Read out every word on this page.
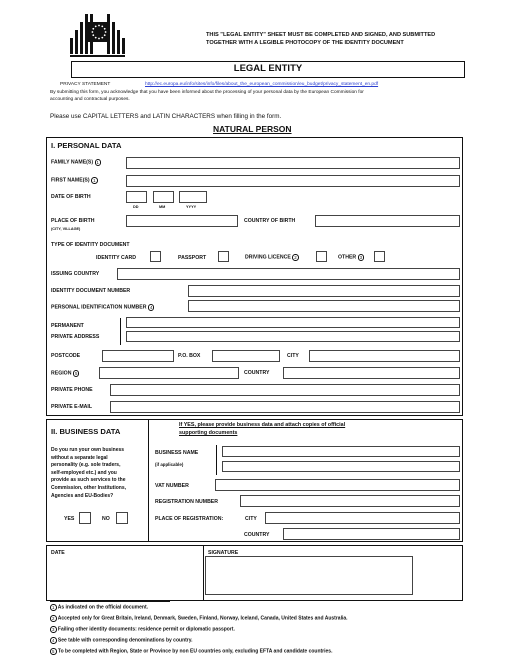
THIS "LEGAL ENTITY" SHEET MUST BE COMPLETED AND SIGNED, AND SUBMITTED
TOGETHER WITH A LEGIBLE PHOTOCOPY OF THE IDENTITY DOCUMENT
LEGAL ENTITY
PRIVACY STATEMENT	http://ec.europa.eu/info/sites/info/files/about_the_european_commission/eu_budget/privacy_statement_en.pdf
By submitting this form, you acknowledge that you have been informed about the processing of your personal data by the European Commission for
accounting and contractual purposes.
Please use CAPITAL LETTERS and LATIN CHARACTERS when filling in the form.
NATURAL PERSON
I. PERSONAL DATA
FAMILY NAME(S) 1
FIRST NAME(S) 1
DATE OF BIRTH
DD	MM	YYYY
PLACE OF BIRTH
(CITY, VILLAGE)
COUNTRY OF BIRTH
TYPE OF IDENTITY DOCUMENT
IDENTITY CARD	PASSPORT	DRIVING LICENCE 2	OTHER 3
ISSUING COUNTRY
IDENTITY DOCUMENT NUMBER
PERSONAL IDENTIFICATION NUMBER 4
PERMANENT
PRIVATE ADDRESS
POSTCODE	P.O. BOX	CITY
REGION 5	COUNTRY
PRIVATE PHONE
PRIVATE E-MAIL
II. BUSINESS DATA
If YES, please provide business data and attach copies of official
supporting documents
Do you run your own business
without a separate legal
personality (e.g. sole traders,
self-employed etc.) and you
provide as such services to the
Commission, other Institutions,
Agencies and EU-Bodies?
YES	NO
BUSINESS NAME
(if applicable)
VAT NUMBER
REGISTRATION NUMBER
PLACE OF REGISTRATION:	CITY
COUNTRY
DATE	SIGNATURE
1 As indicated on the official document.
2 Accepted only for Great Britain, Ireland, Denmark, Sweden, Finland, Norway, Iceland, Canada, United States and Australia.
3 Failing other identity documents: residence permit or diplomatic passport.
4 See table with corresponding denominations by country.
5 To be completed with Region, State or Province by non EU countries only, excluding EFTA and candidate countries.
